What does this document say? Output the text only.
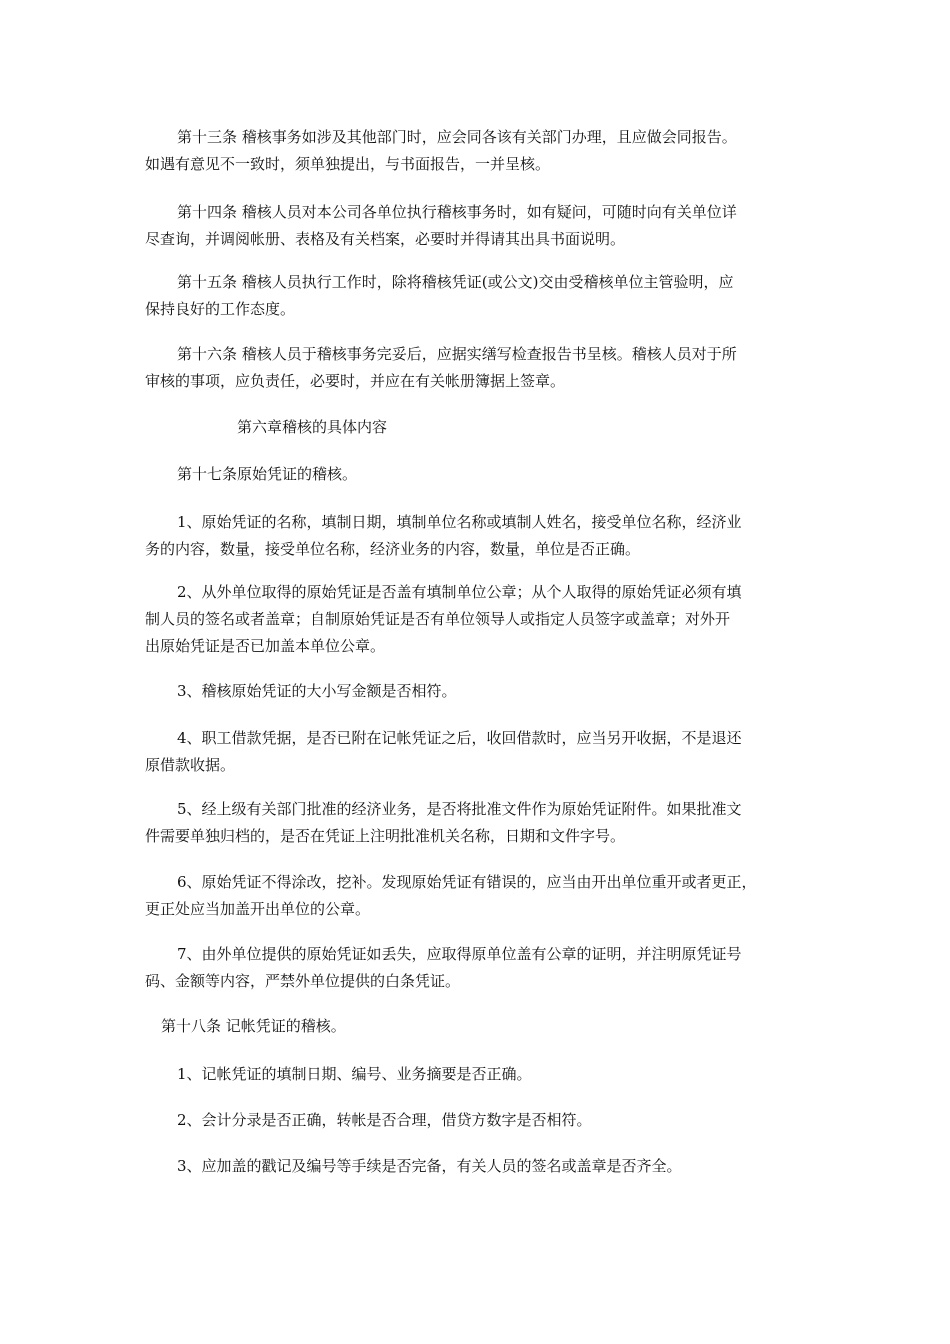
第十三条 稽核事务如涉及其他部门时，应会同各该有关部门办理，且应做会同报告。
如遇有意见不一致时，须单独提出，与书面报告，一并呈核。

第十四条 稽核人员对本公司各单位执行稽核事务时，如有疑问，可随时向有关单位详
尽查询，并调阅帐册、表格及有关档案，必要时并得请其出具书面说明。

第十五条 稽核人员执行工作时，除将稽核凭证(或公文)交由受稽核单位主管验明，应
保持良好的工作态度。

第十六条 稽核人员于稽核事务完妥后，应据实缮写检查报告书呈核。稽核人员对于所
审核的事项，应负责任，必要时，并应在有关帐册簿据上签章。

第六章稽核的具体内容

第十七条原始凭证的稽核。

1、原始凭证的名称，填制日期，填制单位名称或填制人姓名，接受单位名称，经济业
务的内容，数量，接受单位名称，经济业务的内容，数量，单位是否正确。

2、从外单位取得的原始凭证是否盖有填制单位公章；从个人取得的原始凭证必须有填
制人员的签名或者盖章；自制原始凭证是否有单位领导人或指定人员签字或盖章；对外开
出原始凭证是否已加盖本单位公章。

3、稽核原始凭证的大小写金额是否相符。

4、职工借款凭据，是否已附在记帐凭证之后，收回借款时，应当另开收据，不是退还
原借款收据。

5、经上级有关部门批准的经济业务，是否将批准文件作为原始凭证附件。如果批准文
件需要单独归档的，是否在凭证上注明批准机关名称，日期和文件字号。

6、原始凭证不得涂改，挖补。发现原始凭证有错误的，应当由开出单位重开或者更正，
更正处应当加盖开出单位的公章。

7、由外单位提供的原始凭证如丢失，应取得原单位盖有公章的证明，并注明原凭证号
码、金额等内容，严禁外单位提供的白条凭证。

第十八条 记帐凭证的稽核。

1、记帐凭证的填制日期、编号、业务摘要是否正确。

2、会计分录是否正确，转帐是否合理，借贷方数字是否相符。

3、应加盖的戳记及编号等手续是否完备，有关人员的签名或盖章是否齐全。
